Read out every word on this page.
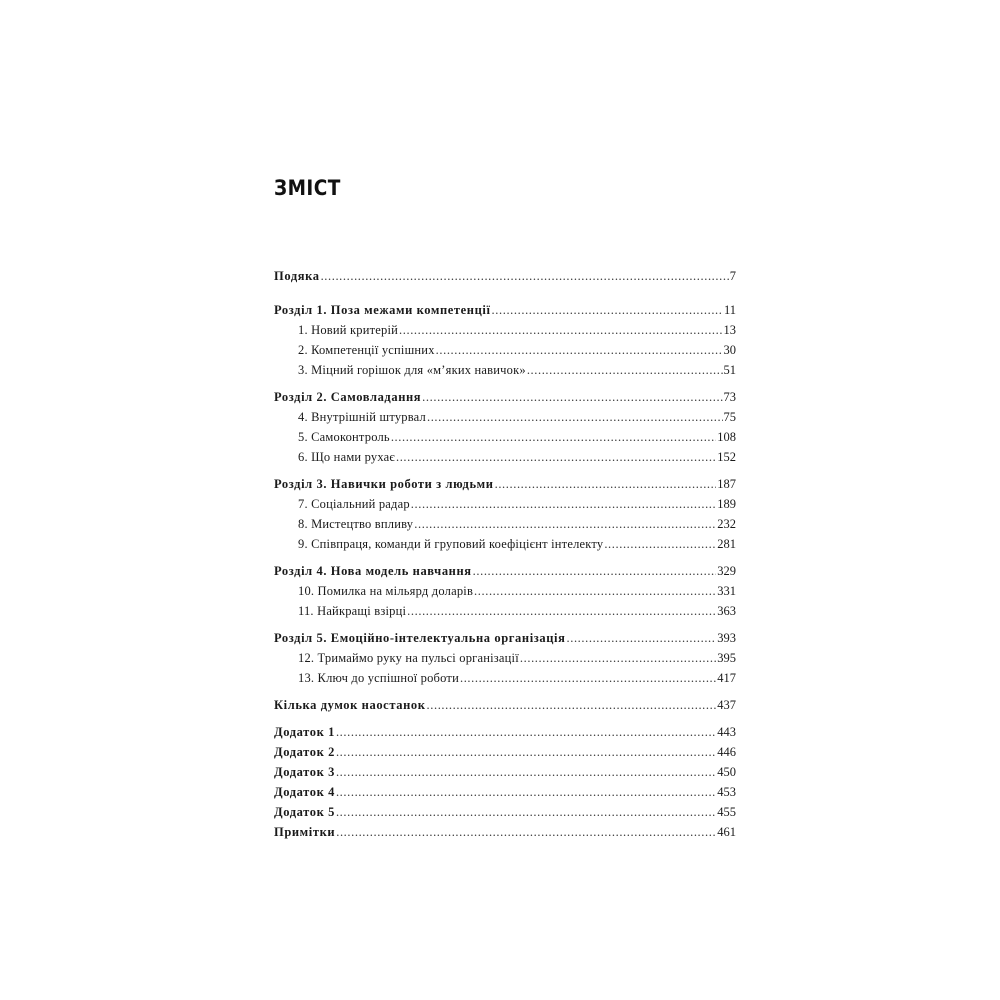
ЗМІСТ
Подяка .....	7
Розділ 1. Поза межами компетенції .....	11
1. Новий критерій .....	13
2. Компетенції успішних .....	30
3. Міцний горішок для «м’яких навичок» .....	51
Розділ 2. Самовладання .....	73
4. Внутрішній штурвал .....	75
5. Самоконтроль .....	108
6. Що нами рухає .....	152
Розділ 3. Навички роботи з людьми .....	187
7. Соціальний радар .....	189
8. Мистецтво впливу .....	232
9. Співпраця, команди й груповий коефіцієнт інтелекту .....	281
Розділ 4. Нова модель навчання .....	329
10. Помилка на мільярд доларів .....	331
11. Найкращі взірці .....	363
Розділ 5. Емоційно-інтелектуальна організація .....	393
12. Тримаймо руку на пульсі організації .....	395
13. Ключ до успішної роботи .....	417
Кілька думок наостанок .....	437
Додаток 1 .....	443
Додаток 2 .....	446
Додаток 3 .....	450
Додаток 4 .....	453
Додаток 5 .....	455
Примітки .....	461
